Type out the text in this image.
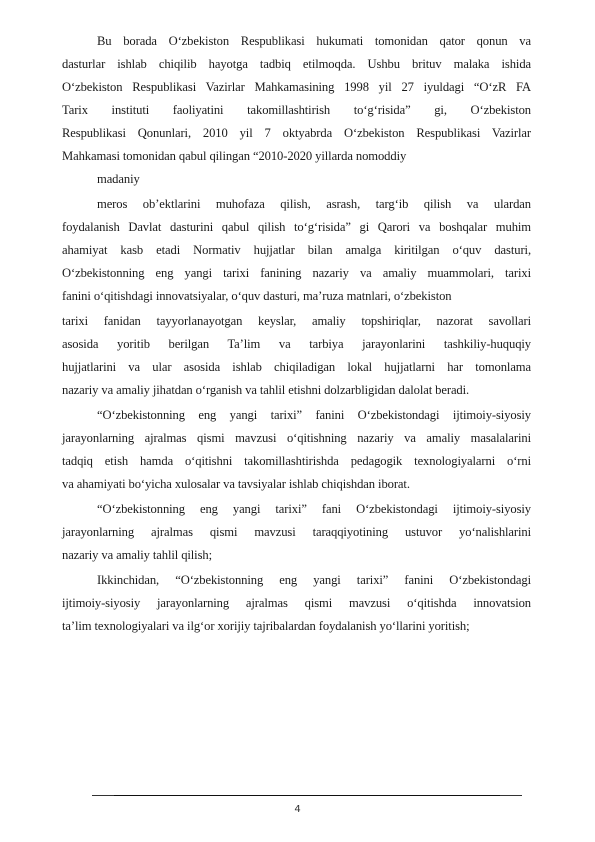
Bu borada O‘zbekiston Respublikasi hukumati tomonidan qator qonun va
dasturlar ishlab chiqilib hayotga tadbiq etilmoqda. Ushbu brituv malaka ishida
O‘zbekiston Respublikasi Vazirlar Mahkamasining 1998 yil 27 iyuldagi “O‘zR FA
Tarix instituti faoliyatini takomillashtirish to‘g‘risida” gi, O‘zbekiston
Respublikasi Qonunlari, 2010 yil 7 oktyabrda O‘zbekiston Respublikasi Vazirlar
Mahkamasi tomonidan qabul qilingan “2010-2020 yillarda nomoddiy
madaniy
meros ob’ektlarini muhofaza qilish, asrash, targ‘ib qilish va ulardan
foydalanish Davlat dasturini qabul qilish to‘g‘risida” gi Qarori va boshqalar muhim
ahamiyat kasb etadi Normativ hujjatlar bilan amalga kiritilgan o‘quv dasturi,
O‘zbekistonning eng yangi tarixi fanining nazariy va amaliy muammolari, tarixi
fanini o‘qitishdagi innovatsiyalar, o‘quv dasturi, ma’ruza matnlari, o‘zbekiston
tarixi fanidan tayyorlanayotgan keyslar, amaliy topshiriqlar, nazorat savollari
asosida yoritib berilgan Ta’lim va tarbiya jarayonlarini tashkiliy-huquqiy
hujjatlarini va ular asosida ishlab chiqiladigan lokal hujjatlarni har tomonlama
nazariy va amaliy jihatdan o‘rganish va tahlil etishni dolzarbligidan dalolat beradi.
“O‘zbekistonning eng yangi tarixi” fanini O‘zbekistondagi ijtimoiy-siyosiy
jarayonlarning ajralmas qismi mavzusi o‘qitishning nazariy va amaliy masalalarini
tadqiq etish hamda o‘qitishni takomillashtirishda pedagogik texnologiyalarni o‘rni
va ahamiyati bo‘yicha xulosalar va tavsiyalar ishlab chiqishdan iborat.
“O‘zbekistonning eng yangi tarixi” fani O‘zbekistondagi ijtimoiy-siyosiy
jarayonlarning ajralmas qismi mavzusi taraqqiyotining ustuvor yo‘nalishlarini
nazariy va amaliy tahlil qilish;
Ikkinchidan, “O‘zbekistonning eng yangi tarixi” fanini O‘zbekistondagi
ijtimoiy-siyosiy jarayonlarning ajralmas qismi mavzusi o‘qitishda innovatsion
ta’lim texnologiyalari va ilg‘or xorijiy tajribalardan foydalanish yo‘llarini yoritish;
4
